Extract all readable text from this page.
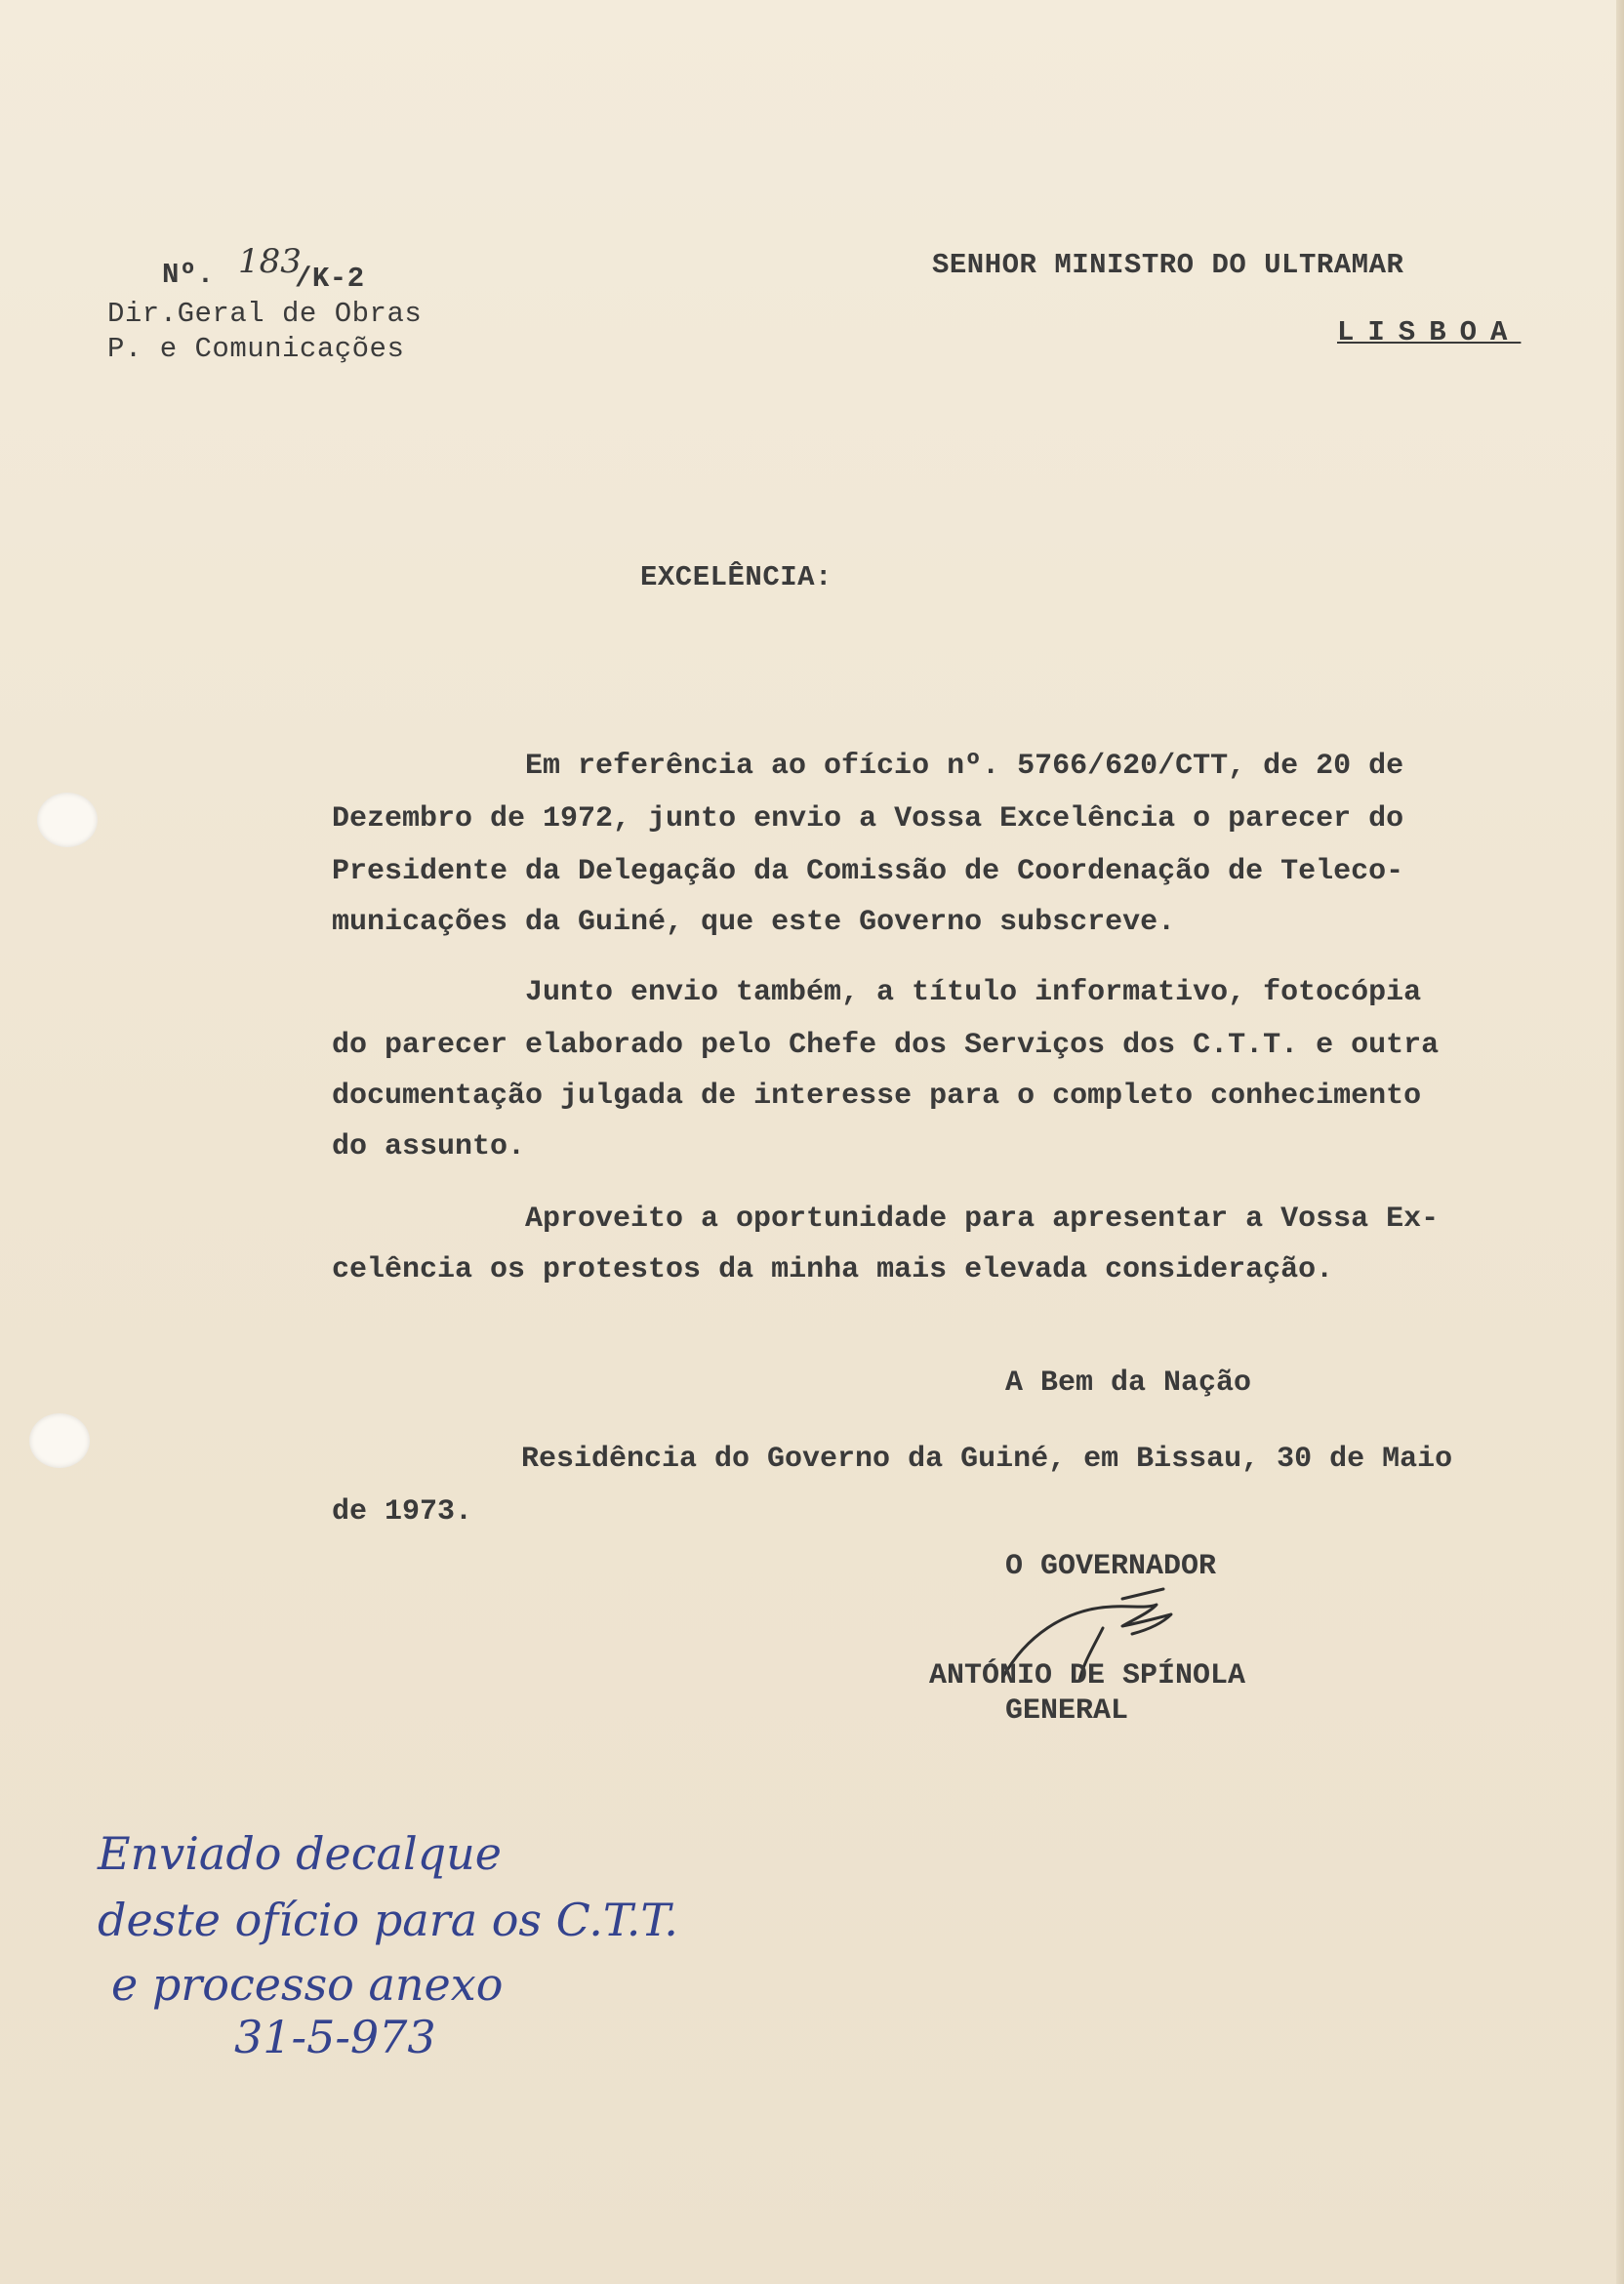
Nº. 183
/K-2
Dir.Geral de Obras
P. e Comunicações
SENHOR MINISTRO DO ULTRAMAR
LISBOA
EXCELÊNCIA:
Em referência ao ofício nº. 5766/620/CTT, de 20 de
Dezembro de 1972, junto envio a Vossa Excelência o parecer do
Presidente da Delegação da Comissão de Coordenação de Teleco-
municações da Guiné, que este Governo subscreve.
Junto envio também, a título informativo, fotocópia
do parecer elaborado pelo Chefe dos Serviços dos C.T.T. e outra
documentação julgada de interesse para o completo conhecimento
do assunto.
Aproveito a oportunidade para apresentar a Vossa Ex-
celência os protestos da minha mais elevada consideração.
A Bem da Nação
Residência do Governo da Guiné, em Bissau, 30 de Maio
de 1973.
O GOVERNADOR
ANTÓNIO DE SPÍNOLA
GENERAL
Enviado decalque
deste ofício para os C.T.T.
e processo anexo
31-5-973
